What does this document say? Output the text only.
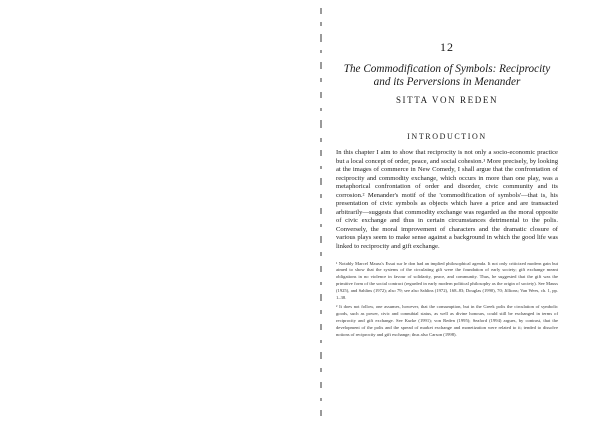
12
The Commodification of Symbols: Reciprocity
and its Perversions in Menander
SITTA VON REDEN
INTRODUCTION
In this chapter I aim to show that reciprocity is not only a socio-economic practice but a local concept of order, peace, and social cohesion.¹ More precisely, by looking at the images of commerce in New Comedy, I shall argue that the confrontation of reciprocity and commodity exchange, which occurs in more than one play, was a metaphorical confrontation of order and disorder, civic community and its corrosion.² Menander's motif of the 'commodification of symbols'—that is, his presentation of civic symbols as objects which have a price and are transacted arbitrarily—suggests that commodity exchange was regarded as the moral opposite of civic exchange and thus in certain circumstances detrimental to the polis. Conversely, the moral improvement of characters and the dramatic closure of various plays seem to make sense against a background in which the good life was linked to reciprocity and gift exchange.

¹ Notably Marcel Mauss's Essai sur le don had an implied philosophical agenda. It not only criticized modern gain but aimed to show that the systems of the circulating gift were the foundation of early society; gift exchange meant obligations in no violence in favour of solidarity, peace, and community. Thus, he suggested that the gift was the primitive form of the social contract (regarded in early modern political philosophy as the origin of society). See Mauss (1925), and Sahlins (1972); also 79; see also Sahlins (1972), 168–83; Douglas (1990), 70; Jillions; Van Wees, ch. 1, pp. 1–38.

² It does not follow, one assumes, however, that the consumption, but in the Greek polis the circulation of symbolic goods, such as power, civic and connubial status, as well as divine honours, could still be exchanged in terms of reciprocity and gift exchange. See Kurke (1991); von Reden (1995); Seaford (1994) argues, by contrast, that the development of the polis and the spread of market exchange and monetization were related to it; tended to dissolve notions of reciprocity and gift exchange; thus also Carson (1998).
